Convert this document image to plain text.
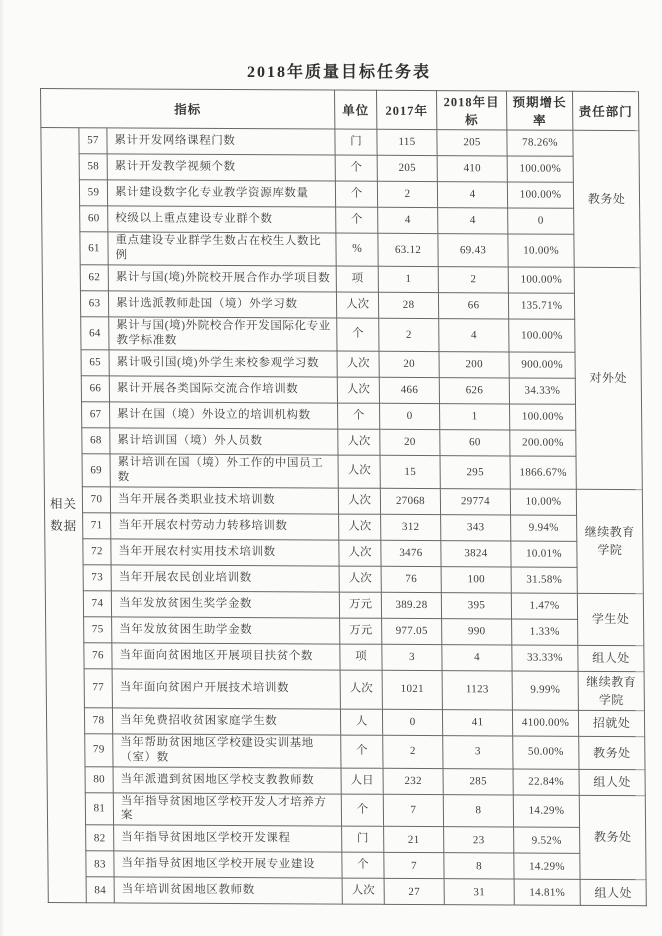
2018年质量目标任务表
指标			单位	2017年	2018年目标	预期增长率	责任部门
相关
数据	57	累计开发网络课程门数	门	115	205	78.26%	教务处
	58	累计开发教学视频个数	个	205	410	100.00%	
	59	累计建设数字化专业教学资源库数量	个	2	4	100.00%	
	60	校级以上重点建设专业群个数	个	4	4	0	
	61	重点建设专业群学生数占在校生人数比例	%	63.12	69.43	10.00%	
	62	累计与国(境)外院校开展合作办学项目数	项	1	2	100.00%	对外处
	63	累计选派教师赴国（境）外学习数	人次	28	66	135.71%	
	64	累计与国(境)外院校合作开发国际化专业教学标准数	个	2	4	100.00%	
	65	累计吸引国(境)外学生来校参观学习数	人次	20	200	900.00%	
	66	累计开展各类国际交流合作培训数	人次	466	626	34.33%	
	67	累计在国（境）外设立的培训机构数	个	0	1	100.00%	
	68	累计培训国（境）外人员数	人次	20	60	200.00%	
	69	累计培训在国（境）外工作的中国员工数	人次	15	295	1866.67%	
	70	当年开展各类职业技术培训数	人次	27068	29774	10.00%	继续教育学院
	71	当年开展农村劳动力转移培训数	人次	312	343	9.94%	
	72	当年开展农村实用技术培训数	人次	3476	3824	10.01%	
	73	当年开展农民创业培训数	人次	76	100	31.58%	
	74	当年发放贫困生奖学金数	万元	389.28	395	1.47%	学生处
	75	当年发放贫困生助学金数	万元	977.05	990	1.33%	
	76	当年面向贫困地区开展项目扶贫个数	项	3	4	33.33%	组人处
	77	当年面向贫困户开展技术培训数	人次	1021	1123	9.99%	继续教育学院
	78	当年免费招收贫困家庭学生数	人	0	41	4100.00%	招就处
	79	当年帮助贫困地区学校建设实训基地（室）数	个	2	3	50.00%	教务处
	80	当年派遣到贫困地区学校支教教师数	人日	232	285	22.84%	组人处
	81	当年指导贫困地区学校开发人才培养方案	个	7	8	14.29%	教务处
	82	当年指导贫困地区学校开发课程	门	21	23	9.52%	
	83	当年指导贫困地区学校开展专业建设	个	7	8	14.29%	
	84	当年培训贫困地区教师数	人次	27	31	14.81%	组人处
